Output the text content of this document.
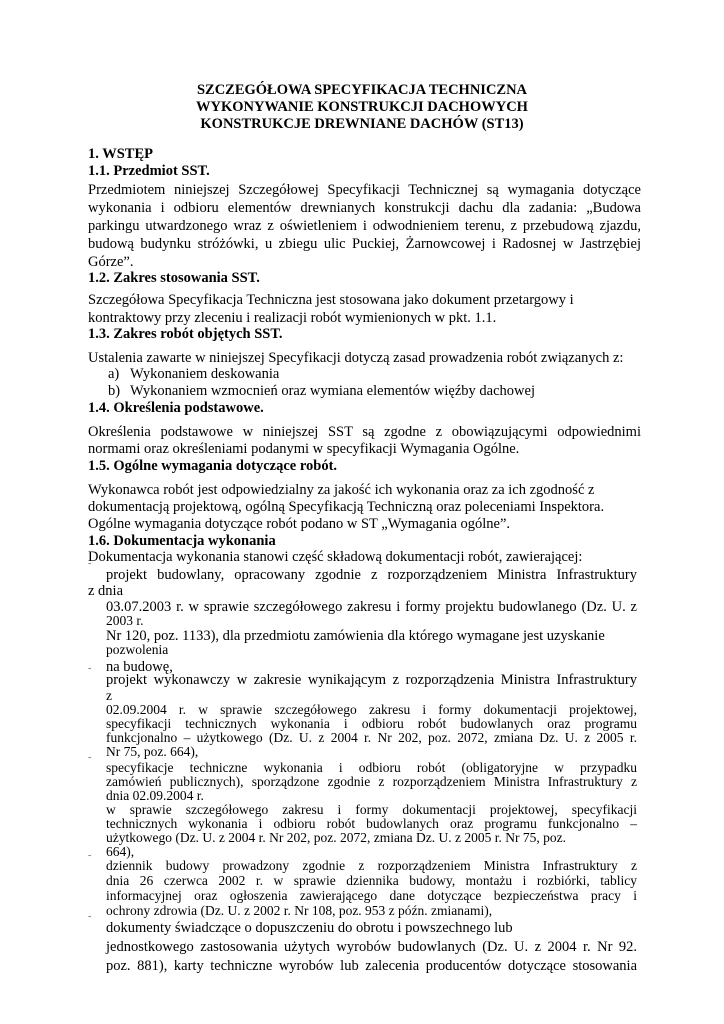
SZCZEGÓŁOWA SPECYFIKACJA TECHNICZNA
WYKONYWANIE KONSTRUKCJI DACHOWYCH
KONSTRUKCJE DREWNIANE DACHÓW (ST13)
1. WSTĘP
1.1. Przedmiot SST.
Przedmiotem niniejszej Szczegółowej Specyfikacji Technicznej są wymagania dotyczące
wykonania i odbioru elementów drewnianych konstrukcji dachu dla zadania: „Budowa
parkingu utwardzonego wraz z oświetleniem i odwodnieniem terenu, z przebudową zjazdu,
budową budynku stróżówki, u zbiegu ulic Puckiej, Żarnowcowej i Radosnej w Jastrzębiej
Górze”.
1.2. Zakres stosowania SST.
Szczegółowa Specyfikacja Techniczna jest stosowana jako dokument przetargowy i
kontraktowy przy zleceniu i realizacji robót wymienionych w pkt. 1.1.
1.3. Zakres robót objętych SST.
Ustalenia zawarte w niniejszej Specyfikacji dotyczą zasad prowadzenia robót związanych z:
a) Wykonaniem deskowania
b) Wykonaniem wzmocnień oraz wymiana elementów więźby dachowej
1.4. Określenia podstawowe.
Określenia podstawowe w niniejszej SST są zgodne z obowiązującymi odpowiednimi
normami oraz określeniami podanymi w specyfikacji Wymagania Ogólne.
1.5. Ogólne wymagania dotyczące robót.
Wykonawca robót jest odpowiedzialny za jakość ich wykonania oraz za ich zgodność z
dokumentacją projektową, ogólną Specyfikacją Techniczną oraz poleceniami Inspektora.
Ogólne wymagania dotyczące robót podano w ST „Wymagania ogólne”.
1.6. Dokumentacja wykonania
Dokumentacja wykonania stanowi część składową dokumentacji robót, zawierającej:
˜ projekt budowlany, opracowany zgodnie z rozporządzeniem Ministra Infrastruktury
z dnia
03.07.2003 r. w sprawie szczegółowego zakresu i formy projektu budowlanego (Dz. U. z
2003 r.
Nr 120, poz. 1133), dla przedmiotu zamówienia dla którego wymagane jest uzyskanie
pozwolenia
na budowę,
˜ projekt wykonawczy w zakresie wynikającym z rozporządzenia Ministra Infrastruktury
z
02.09.2004 r. w sprawie szczegółowego zakresu i formy dokumentacji projektowej,
specyfikacji technicznych wykonania i odbioru robót budowlanych oraz programu
funkcjonalno – użytkowego (Dz. U. z 2004 r. Nr 202, poz. 2072, zmiana Dz. U. z 2005 r.
Nr 75, poz. 664),
˜ specyfikacje techniczne wykonania i odbioru robót (obligatoryjne w przypadku
zamówień publicznych), sporządzone zgodnie z rozporządzeniem Ministra Infrastruktury z
dnia 02.09.2004 r.
w sprawie szczegółowego zakresu i formy dokumentacji projektowej, specyfikacji
technicznych wykonania i odbioru robót budowlanych oraz programu funkcjonalno –
użytkowego (Dz. U. z 2004 r. Nr 202, poz. 2072, zmiana Dz. U. z 2005 r. Nr 75, poz.
664),
˜ dziennik budowy prowadzony zgodnie z rozporządzeniem Ministra Infrastruktury z
dnia 26 czerwca 2002 r. w sprawie dziennika budowy, montażu i rozbiórki, tablicy
informacyjnej oraz ogłoszenia zawierającego dane dotyczące bezpieczeństwa pracy i
ochrony zdrowia (Dz. U. z 2002 r. Nr 108, poz. 953 z późn. zmianami),
˜ dokumenty świadczące o dopuszczeniu do obrotu i powszechnego lub
jednostkowego zastosowania użytych wyrobów budowlanych (Dz. U. z 2004 r. Nr 92.
poz. 881), karty techniczne wyrobów lub zalecenia producentów dotyczące stosowania
